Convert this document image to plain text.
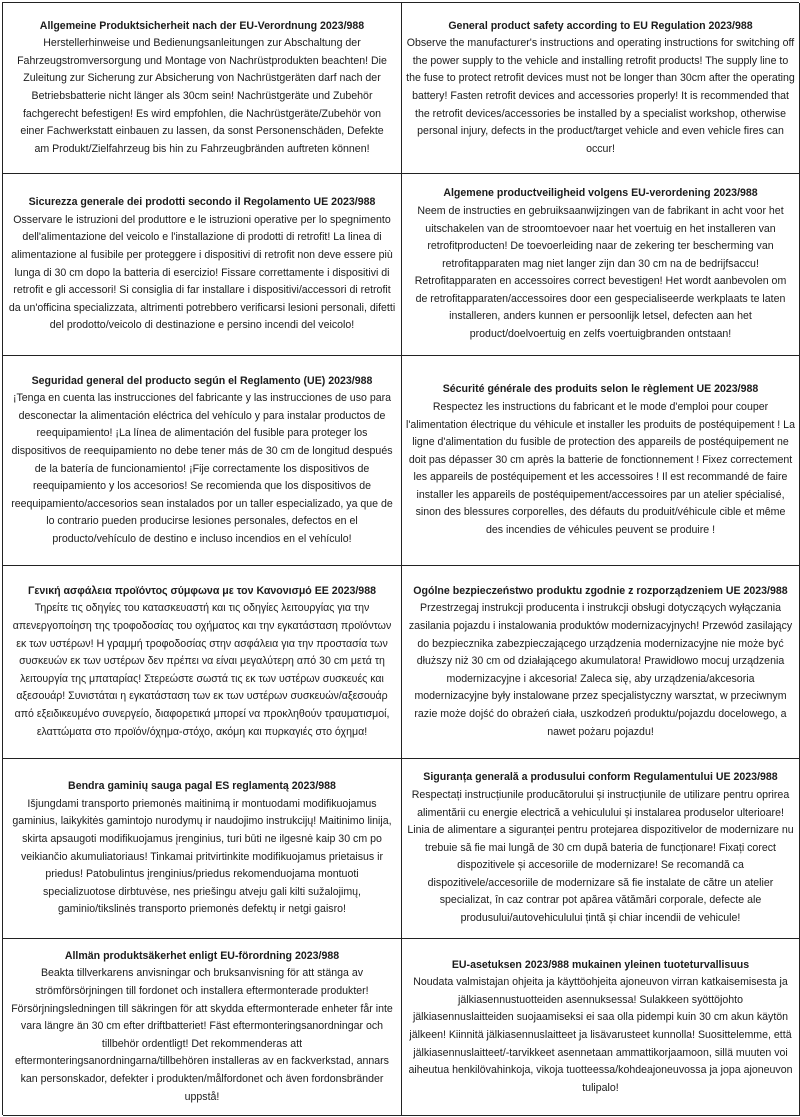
Allgemeine Produktsicherheit nach der EU-Verordnung 2023/988

Herstellerhinweise und Bedienungsanleitungen zur Abschaltung der Fahrzeugstromversorgung und Montage von Nachrüstprodukten beachten! Die Zuleitung zur Sicherung zur Absicherung von Nachrüstgeräten darf nach der Betriebsbatterie nicht länger als 30cm sein! Nachrüstgeräte und Zubehör fachgerecht befestigen! Es wird empfohlen, die Nachrüstgeräte/Zubehör von einer Fachwerkstatt einbauen zu lassen, da sonst Personenschäden, Defekte am Produkt/Zielfahrzeug bis hin zu Fahrzeugbränden auftreten können!

General product safety according to EU Regulation 2023/988

Observe the manufacturer's instructions and operating instructions for switching off the power supply to the vehicle and installing retrofit products! The supply line to the fuse to protect retrofit devices must not be longer than 30cm after the operating battery! Fasten retrofit devices and accessories properly! It is recommended that the retrofit devices/accessories be installed by a specialist workshop, otherwise personal injury, defects in the product/target vehicle and even vehicle fires can occur!

Sicurezza generale dei prodotti secondo il Regolamento UE 2023/988

Osservare le istruzioni del produttore e le istruzioni operative per lo spegnimento dell'alimentazione del veicolo e l'installazione di prodotti di retrofit! La linea di alimentazione al fusibile per proteggere i dispositivi di retrofit non deve essere più lunga di 30 cm dopo la batteria di esercizio! Fissare correttamente i dispositivi di retrofit e gli accessori! Si consiglia di far installare i dispositivi/accessori di retrofit da un'officina specializzata, altrimenti potrebbero verificarsi lesioni personali, difetti del prodotto/veicolo di destinazione e persino incendi del veicolo!

Algemene productveiligheid volgens EU-verordening 2023/988

Neem de instructies en gebruiksaanwijzingen van de fabrikant in acht voor het uitschakelen van de stroomtoevoer naar het voertuig en het installeren van retrofitproducten! De toevoerleiding naar de zekering ter bescherming van retrofitapparaten mag niet langer zijn dan 30 cm na de bedrijfsaccu! Retrofitapparaten en accessoires correct bevestigen! Het wordt aanbevolen om de retrofitapparaten/accessoires door een gespecialiseerde werkplaats te laten installeren, anders kunnen er persoonlijk letsel, defecten aan het product/doelvoertuig en zelfs voertuigbranden ontstaan!

Seguridad general del producto según el Reglamento (UE) 2023/988

¡Tenga en cuenta las instrucciones del fabricante y las instrucciones de uso para desconectar la alimentación eléctrica del vehículo y para instalar productos de reequipamiento! ¡La línea de alimentación del fusible para proteger los dispositivos de reequipamiento no debe tener más de 30 cm de longitud después de la batería de funcionamiento! ¡Fije correctamente los dispositivos de reequipamiento y los accesorios! Se recomienda que los dispositivos de reequipamiento/accesorios sean instalados por un taller especializado, ya que de lo contrario pueden producirse lesiones personales, defectos en el producto/vehículo de destino e incluso incendios en el vehículo!

Sécurité générale des produits selon le règlement UE 2023/988

Respectez les instructions du fabricant et le mode d'emploi pour couper l'alimentation électrique du véhicule et installer les produits de postéquipement ! La ligne d'alimentation du fusible de protection des appareils de postéquipement ne doit pas dépasser 30 cm après la batterie de fonctionnement ! Fixez correctement les appareils de postéquipement et les accessoires ! Il est recommandé de faire installer les appareils de postéquipement/accessoires par un atelier spécialisé, sinon des blessures corporelles, des défauts du produit/véhicule cible et même des incendies de véhicules peuvent se produire !

Γενική ασφάλεια προϊόντος σύμφωνα με τον Κανονισμό ΕΕ 2023/988

Τηρείτε τις οδηγίες του κατασκευαστή και τις οδηγίες λειτουργίας για την απενεργοποίηση της τροφοδοσίας του οχήματος και την εγκατάσταση προϊόντων εκ των υστέρων! Η γραμμή τροφοδοσίας στην ασφάλεια για την προστασία των συσκευών εκ των υστέρων δεν πρέπει να είναι μεγαλύτερη από 30 cm μετά τη λειτουργία της μπαταρίας! Στερεώστε σωστά τις εκ των υστέρων συσκευές και αξεσουάρ! Συνιστάται η εγκατάσταση των εκ των υστέρων συσκευών/αξεσουάρ από εξειδικευμένο συνεργείο, διαφορετικά μπορεί να προκληθούν τραυματισμοί, ελαττώματα στο προϊόν/όχημα-στόχο, ακόμη και πυρκαγιές στο όχημα!

Ogólne bezpieczeństwo produktu zgodnie z rozporządzeniem UE 2023/988

Przestrzegaj instrukcji producenta i instrukcji obsługi dotyczących wyłączania zasilania pojazdu i instalowania produktów modernizacyjnych! Przewód zasilający do bezpiecznika zabezpieczającego urządzenia modernizacyjne nie może być dłuższy niż 30 cm od działającego akumulatora! Prawidłowo mocuj urządzenia modernizacyjne i akcesoria! Zaleca się, aby urządzenia/akcesoria modernizacyjne były instalowane przez specjalistyczny warsztat, w przeciwnym razie może dojść do obrażeń ciała, uszkodzeń produktu/pojazdu docelowego, a nawet pożaru pojazdu!

Bendra gaminių sauga pagal ES reglamentą 2023/988

Išjungdami transporto priemonės maitinimą ir montuodami modifikuojamus gaminius, laikykitės gamintojo nurodymų ir naudojimo instrukcijų! Maitinimo linija, skirta apsaugoti modifikuojamus įrenginius, turi būti ne ilgesnė kaip 30 cm po veikiančio akumuliatoriaus! Tinkamai pritvirtinkite modifikuojamus prietaisus ir priedus! Patobulintus įrenginius/priedus rekomenduojama montuoti specializuotose dirbtuvėse, nes priešingu atveju gali kilti sužalojimų, gaminio/tikslinės transporto priemonės defektų ir netgi gaisro!

Siguranța generală a produsului conform Regulamentului UE 2023/988

Respectați instrucțiunile producătorului și instrucțiunile de utilizare pentru oprirea alimentării cu energie electrică a vehiculului și instalarea produselor ulterioare! Linia de alimentare a siguranței pentru protejarea dispozitivelor de modernizare nu trebuie să fie mai lungă de 30 cm după bateria de funcționare! Fixați corect dispozitivele și accesoriile de modernizare! Se recomandă ca dispozitivele/accesoriile de modernizare să fie instalate de către un atelier specializat, în caz contrar pot apărea vătămări corporale, defecte ale produsului/autovehiculului țintă și chiar incendii de vehicule!

Allmän produktsäkerhet enligt EU-förordning 2023/988

Beakta tillverkarens anvisningar och bruksanvisning för att stänga av strömförsörjningen till fordonet och installera eftermonterade produkter! Försörjningsledningen till säkringen för att skydda eftermonterade enheter får inte vara längre än 30 cm efter driftbatteriet! Fäst eftermonteringsanordningar och tillbehör ordentligt! Det rekommenderas att eftermonteringsanordningarna/tillbehören installeras av en fackverkstad, annars kan personskador, defekter i produkten/målfordonet och även fordonsbränder uppstå!

EU-asetuksen 2023/988 mukainen yleinen tuoteturvallisuus

Noudata valmistajan ohjeita ja käyttöohjeita ajoneuvon virran katkaisemisesta ja jälkiasennustuotteiden asennuksessa! Sulakkeen syöttöjohto jälkiasennuslaitteiden suojaamiseksi ei saa olla pidempi kuin 30 cm akun käytön jälkeen! Kiinnitä jälkiasennuslaitteet ja lisävarusteet kunnolla! Suosittelemme, että jälkiasennuslaitteet/-tarvikkeet asennetaan ammattikorjaamoon, sillä muuten voi aiheutua henkilövahinkoja, vikoja tuotteessa/kohdeajoneuvossa ja jopa ajoneuvon tulipalo!
